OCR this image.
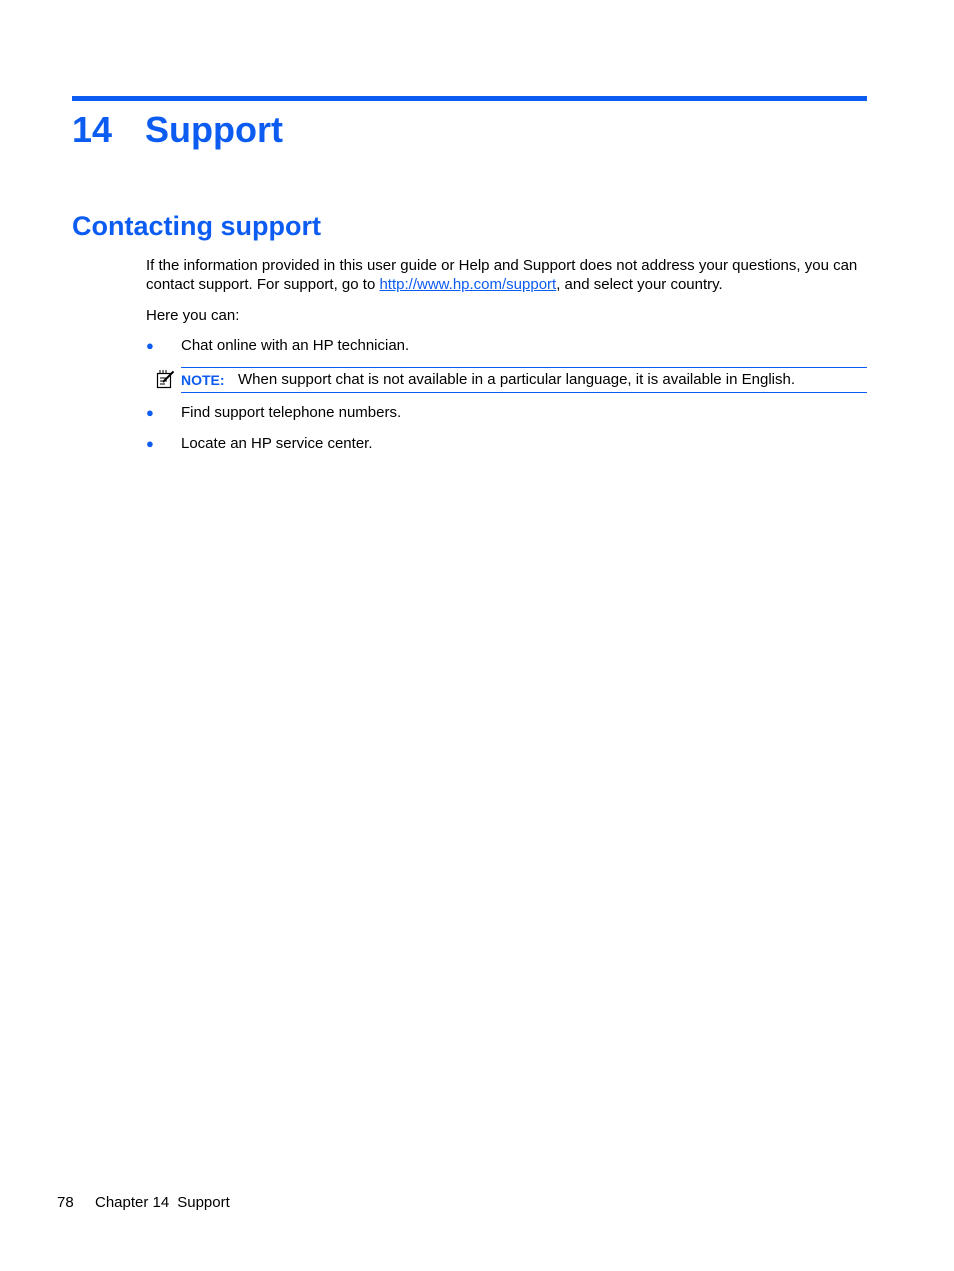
14 Support
Contacting support

If the information provided in this user guide or Help and Support does not address your questions, you can contact support. For support, go to http://www.hp.com/support, and select your country.

Here you can:

● Chat online with an HP technician.
NOTE: When support chat is not available in a particular language, it is available in English.
● Find support telephone numbers.
● Locate an HP service center.
78 Chapter 14 Support
